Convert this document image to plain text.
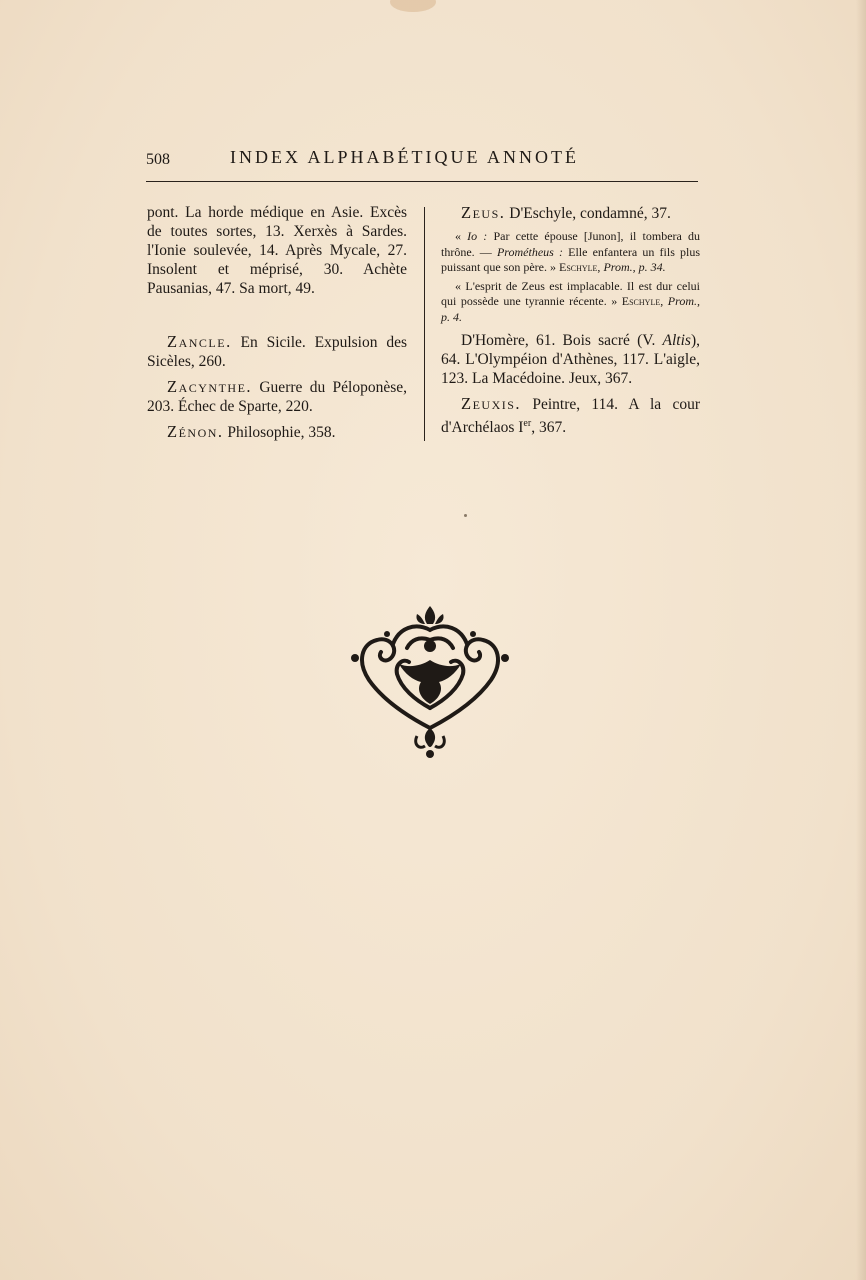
508	INDEX ALPHABÉTIQUE ANNOTÉ

pont. La horde médique en Asie. Excès de toutes sortes, 13. Xerxès à Sardes. l'Ionie soulevée, 14. Après Mycale, 27. Insolent et méprisé, 30. Achète Pausanias, 47. Sa mort, 49.

Zancle. En Sicile. Expulsion des Sicèles, 260.

Zacynthe. Guerre du Péloponèse, 203. Échec de Sparte, 220.

Zénon. Philosophie, 358.

Zeus. D'Eschyle, condamné, 37.

« Io : Par cette épouse [Junon], il tombera du thrône. — Prométheus : Elle enfantera un fils plus puissant que son père. » Eschyle, Prom., p. 34.

« L'esprit de Zeus est implacable. Il est dur celui qui possède une tyrannie récente. » Eschyle, Prom., p. 4.

D'Homère, 61. Bois sacré (V. Altis), 64. L'Olympéion d'Athènes, 117. L'aigle, 123. La Macédoine. Jeux, 367.

Zeuxis. Peintre, 114. A la cour d'Archélaos Ier, 367.
